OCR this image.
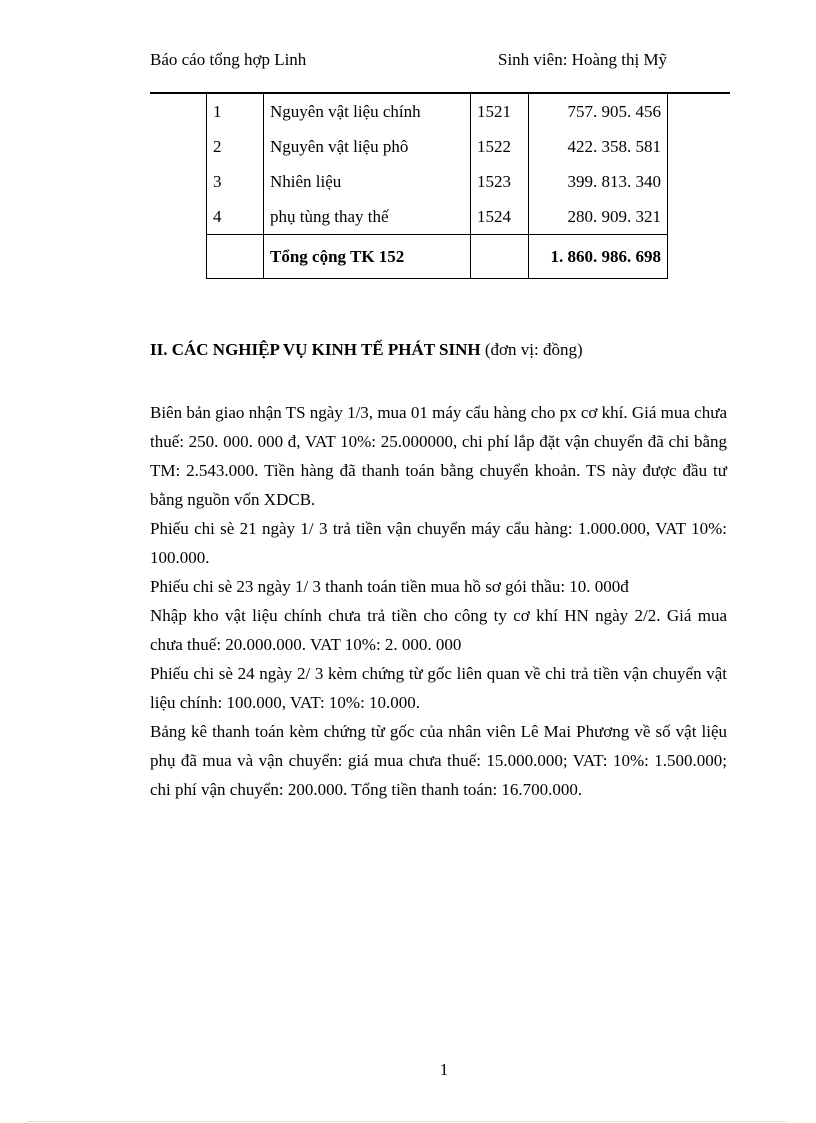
Báo cáo tổng hợp Linh	Sinh viên: Hoàng thị Mỹ
1	Nguyên vật liệu chính	1521	757. 905. 456
2	Nguyên vật liệu phô	1522	422. 358. 581
3	Nhiên liệu	1523	399. 813. 340
4	phụ tùng thay thế	1524	280. 909. 321
	Tổng cộng TK 152		1. 860. 986. 698
II. CÁC NGHIỆP VỤ KINH TẾ PHÁT SINH (đơn vị: đồng)

Biên bản giao nhận TS ngày 1/3, mua 01 máy cẩu hàng cho px cơ khí. Giá mua chưa thuế: 250. 000. 000 đ, VAT 10%: 25.000000, chi phí lắp đặt vận chuyển đã chi bằng TM: 2.543.000. Tiền hàng đã thanh toán bằng chuyển khoản. TS này được đầu tư bằng nguồn vốn XDCB.

Phiếu chi sè 21 ngày 1/ 3 trả tiền vận chuyển máy cẩu hàng: 1.000.000, VAT 10%: 100.000.

Phiếu chi sè 23 ngày 1/ 3 thanh toán tiền mua hồ sơ gói thầu: 10. 000đ

Nhập kho vật liệu chính chưa trả tiền cho công ty cơ khí HN ngày 2/2. Giá mua chưa thuế: 20.000.000. VAT 10%: 2. 000. 000

Phiếu chi sè 24 ngày 2/ 3 kèm chứng từ gốc liên quan về chi trả tiền vận chuyển vật liệu chính: 100.000, VAT: 10%: 10.000.

Bảng kê thanh toán kèm chứng từ gốc của nhân viên Lê Mai Phương về số vật liệu phụ đã mua và vận chuyển: giá mua chưa thuế: 15.000.000; VAT: 10%: 1.500.000; chi phí vận chuyển: 200.000. Tổng tiền thanh toán: 16.700.000.

1
